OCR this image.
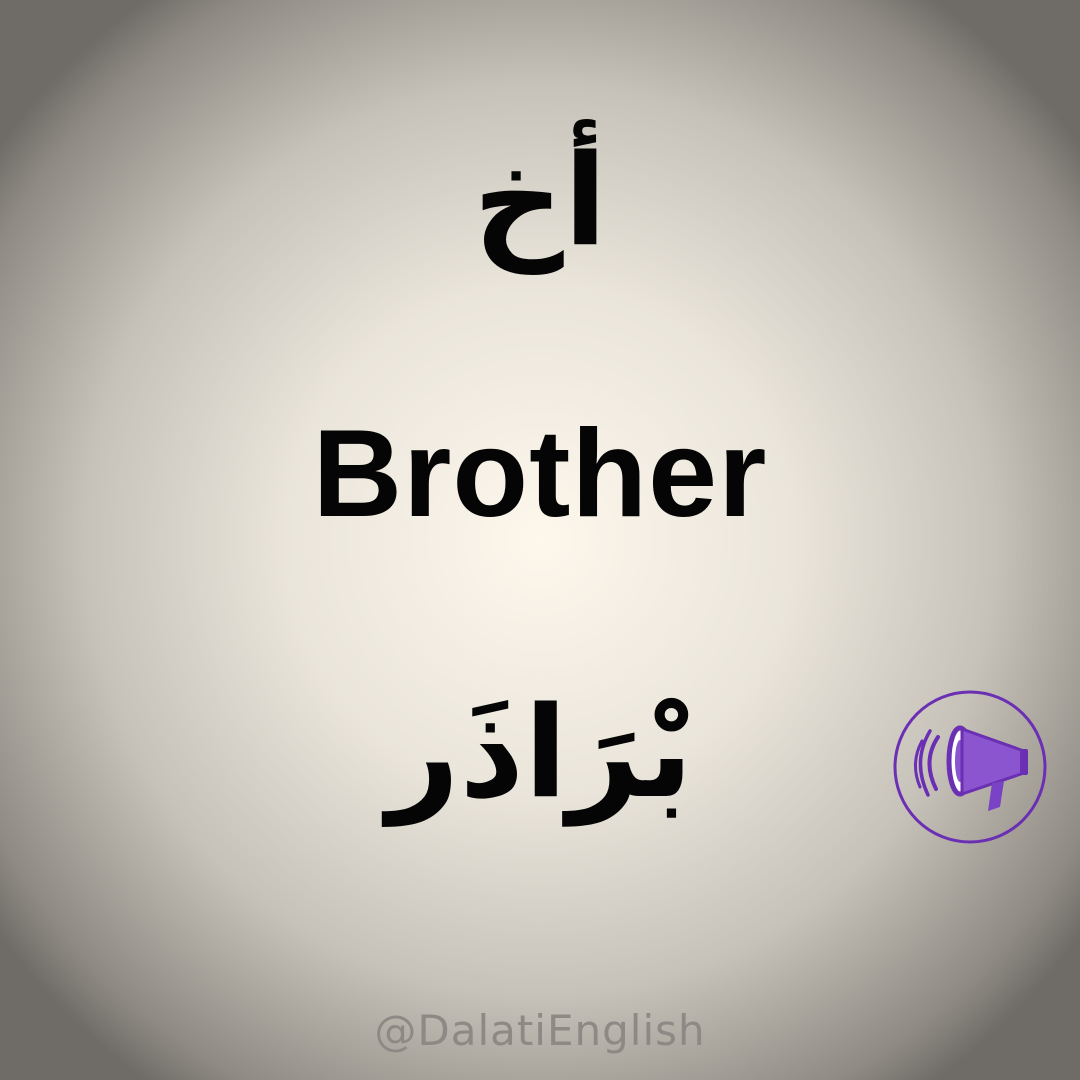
أخ
Brother
بْرَاذَر
@DalatiEnglish
